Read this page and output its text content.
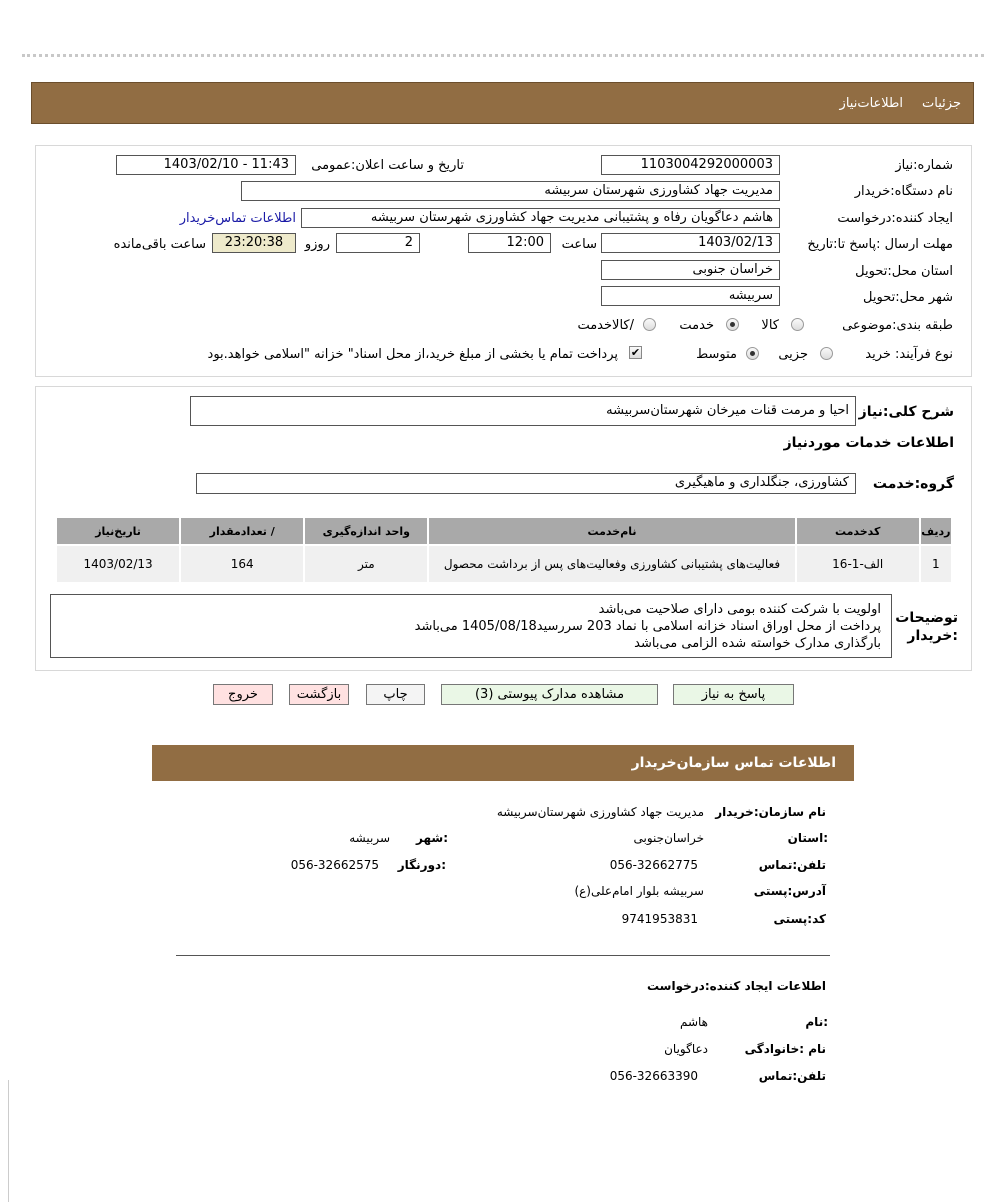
جزئیات
اطلاعات‌نیاز
شماره:نیاز
1103004292000003
تاریخ و ساعت اعلان:عمومی
1403/02/10 - 11:43
نام دستگاه:خریدار
مدیریت جهاد کشاورزی شهرستان سربیشه
ایجاد کننده:درخواست
هاشم دعاگویان رفاه و پشتیبانی مدیریت جهاد کشاورزی شهرستان سربیشه
اطلاعات تماس‌خریدار
مهلت ارسال :پاسخ تا:تاریخ
1403/02/13
ساعت
12:00
2
روزو
23:20:38
ساعت باقی‌مانده
استان محل:تحویل
خراسان جنوبی
شهر محل:تحویل
سربیشه
طبقه بندی:موضوعی
کالا
خدمت
/کالاخدمت
نوع فرآیند: خرید
جزیی
متوسط
✔
پرداخت تمام یا بخشی از مبلغ خرید،از محل اسناد" خزانه "اسلامی خواهد.بود
شرح کلی:نیاز
احیا و مرمت قنات میرخان شهرستان‌سربیشه
اطلاعات خدمات موردنیاز
گروه:خدمت
کشاورزی، جنگلداری و ماهیگیری
ردیف	کدخدمت	نام‌خدمت	واحد اندازه‌گیری	/ تعدادمقدار	تاریخ‌نیاز
1	الف-1-16	فعالیت‌های پشتیبانی کشاورزی وفعالیت‌های پس از برداشت محصول	متر	164	1403/02/13
توضیحات
:خریدار
اولویت با شرکت کننده بومی دارای صلاحیت می‌باشد
پرداخت از محل اوراق اسناد خزانه اسلامی با نماد 203 سررسید1405/08/18 می‌باشد
بارگذاری مدارک خواسته شده الزامی می‌باشد
پاسخ به نیاز
مشاهده مدارک پیوستی (3)
چاپ
بازگشت
خروج
اطلاعات تماس سازمان‌خریدار
نام سازمان:خریدار
مدیریت جهاد کشاورزی شهرستان‌سربیشه
:استان
خراسان‌جنوبی
:شهر
سربیشه
تلفن:تماس
056-32662775
:دورنگار
056-32662575
آدرس:پستی
سربیشه بلوار امام‌علی(ع)
کد:پستی
9741953831
اطلاعات ایجاد کننده:درخواست
:نام
هاشم
نام :خانوادگی
دعاگویان
تلفن:تماس
056-32663390
